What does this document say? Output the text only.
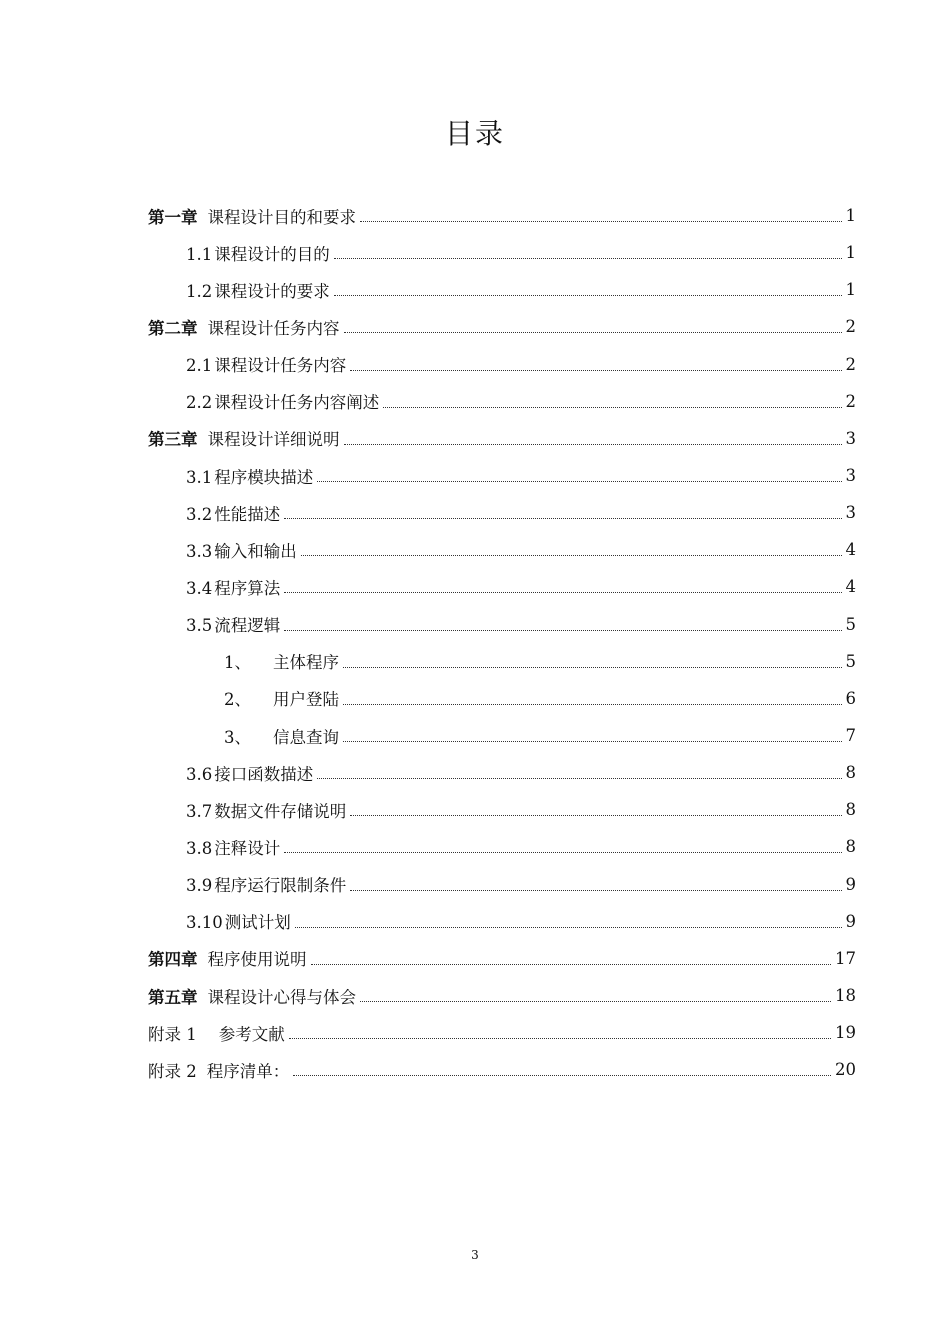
目录
第一章 课程设计目的和要求	1
1.1 课程设计的目的	1
1.2 课程设计的要求	1
第二章 课程设计任务内容	2
2.1 课程设计任务内容	2
2.2 课程设计任务内容阐述	2
第三章 课程设计详细说明	3
3.1 程序模块描述	3
3.2 性能描述	3
3.3 输入和输出	4
3.4 程序算法	4
3.5 流程逻辑	5
1、 主体程序	5
2、 用户登陆	6
3、 信息查询	7
3.6 接口函数描述	8
3.7 数据文件存储说明	8
3.8 注释设计	8
3.9 程序运行限制条件	9
3.10 测试计划	9
第四章 程序使用说明	17
第五章 课程设计心得与体会	18
附录 1 参考文献	19
附录 2 程序清单：	20
3
